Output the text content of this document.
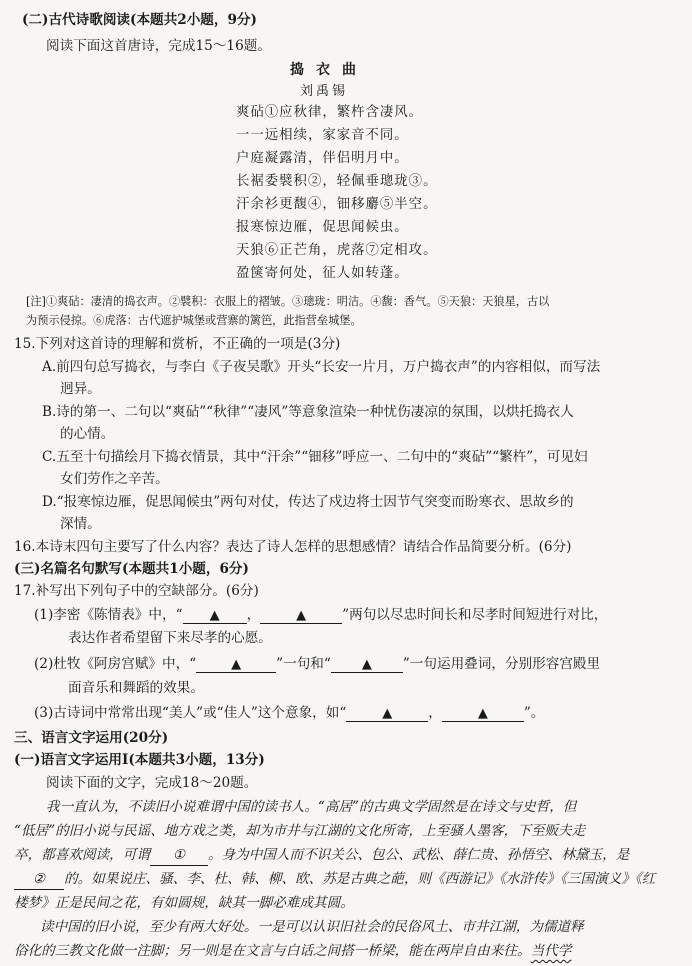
(二)古代诗歌阅读(本题共2小题，9分)
阅读下面这首唐诗，完成15～16题。
捣衣曲
刘禹锡
爽砧①应秋律，繁杵含凄风。
一一远相续，家家音不同。
户庭凝露清，伴侣明月中。
长裾委襞积②，轻佩垂璁珑③。
汗余衫更馥④，钿移麝⑤半空。
报寒惊边雁，促思闻候虫。
天狼⑥正芒角，虎落⑦定相攻。
盈箧寄何处，征人如转蓬。
[注]①爽砧：凄清的捣衣声。②襞积：衣服上的褶皱。③璁珑：明洁。④馥：香气。⑤天狼：天狼星，古以
为预示侵掠。⑥虎落：古代遮护城堡或营寨的篱笆，此指营垒城堡。
15.下列对这首诗的理解和赏析，不正确的一项是(3分)
A.前四句总写捣衣，与李白《子夜吴歌》开头“长安一片月，万户捣衣声”的内容相似，而写法
迥异。
B.诗的第一、二句以“爽砧”“秋律”“凄风”等意象渲染一种忧伤凄凉的氛围，以烘托捣衣人
的心情。
C.五至十句描绘月下捣衣情景，其中“汗余”“钿移”呼应一、二句中的“爽砧”“繁杵”，可见妇
女们劳作之辛苦。
D.“报寒惊边雁，促思闻候虫”两句对仗，传达了戍边将士因节气突变而盼寒衣、思故乡的
深情。
16.本诗末四句主要写了什么内容？表达了诗人怎样的思想感情？请结合作品简要分析。(6分)
(三)名篇名句默写(本题共1小题，6分)
17.补写出下列句子中的空缺部分。(6分)
(1)李密《陈情表》中，“ ▲ ，	▲	”两句以尽忠时间长和尽孝时间短进行对比，
表达作者希望留下来尽孝的心愿。
(2)杜牧《阿房宫赋》中，“	▲	”一句和“ ▲ ”一句运用叠词，分别形容宫殿里
面音乐和舞蹈的效果。
(3)古诗词中常常出现“美人”或“佳人”这个意象，如“	▲	，	▲	”。
三、语言文字运用(20分)
(一)语言文字运用Ⅰ(本题共3小题，13分)
阅读下面的文字，完成18～20题。
我一直认为，不读旧小说难谓中国的读书人。“高居”的古典文学固然是在诗文与史哲，但
“低居”的旧小说与民谣、地方戏之类，却为市井与江湖的文化所寄，上至骚人墨客，下至贩夫走
卒，都喜欢阅读，可谓 ① 。身为中国人而不识关公、包公、武松、薛仁贵、孙悟空、林黛玉，是
② 的。如果说庄、骚、李、杜、韩、柳、欧、苏是古典之葩，则《西游记》《水浒传》《三国演义》《红
楼梦》正是民间之花，有如圆规，缺其一脚必难成其圆。
读中国的旧小说，至少有两大好处。一是可以认识旧社会的民俗风土、市井江湖，为儒道释
俗化的三教文化做一注脚；另一则是在文言与白话之间搭一桥梁，能在两岸自由来往。当代学
